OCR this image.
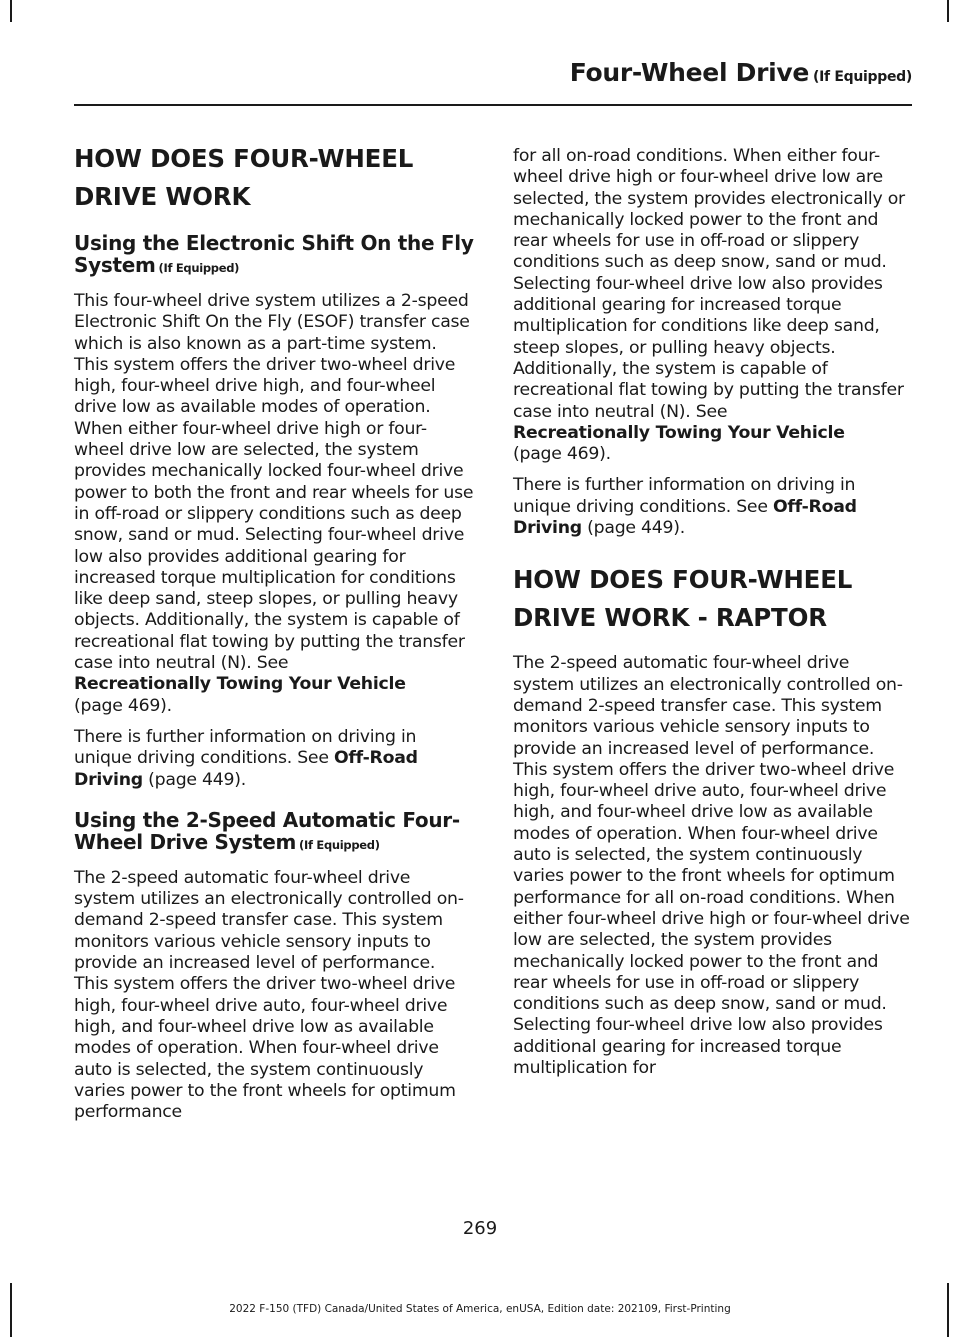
Four-Wheel Drive (If Equipped)
HOW DOES FOUR-WHEEL
DRIVE WORK
Using the Electronic Shift On the Fly System (If Equipped)

This four-wheel drive system utilizes a 2-speed Electronic Shift On the Fly (ESOF) transfer case which is also known as a part-time system. This system offers the driver two-wheel drive high, four-wheel drive high, and four-wheel drive low as available modes of operation. When either four-wheel drive high or four-wheel drive low are selected, the system provides mechanically locked four-wheel drive power to both the front and rear wheels for use in off-road or slippery conditions such as deep snow, sand or mud. Selecting four-wheel drive low also provides additional gearing for increased torque multiplication for conditions like deep sand, steep slopes, or pulling heavy objects. Additionally, the system is capable of recreational flat towing by putting the transfer case into neutral (N). See
Recreationally Towing Your Vehicle
(page 469).

There is further information on driving in unique driving conditions. See Off-Road Driving (page 449).

Using the 2-Speed Automatic Four-Wheel Drive System (If Equipped)

The 2-speed automatic four-wheel drive system utilizes an electronically controlled on-demand 2-speed transfer case. This system monitors various vehicle sensory inputs to provide an increased level of performance. This system offers the driver two-wheel drive high, four-wheel drive auto, four-wheel drive high, and four-wheel drive low as available modes of operation. When four-wheel drive auto is selected, the system continuously varies power to the front wheels for optimum performance

for all on-road conditions. When either four-wheel drive high or four-wheel drive low are selected, the system provides electronically or mechanically locked power to the front and rear wheels for use in off-road or slippery conditions such as deep snow, sand or mud. Selecting four-wheel drive low also provides additional gearing for increased torque multiplication for conditions like deep sand, steep slopes, or pulling heavy objects. Additionally, the system is capable of recreational flat towing by putting the transfer case into neutral (N). See
Recreationally Towing Your Vehicle
(page 469).

There is further information on driving in unique driving conditions. See Off-Road Driving (page 449).

HOW DOES FOUR-WHEEL
DRIVE WORK - RAPTOR

The 2-speed automatic four-wheel drive system utilizes an electronically controlled on-demand 2-speed transfer case. This system monitors various vehicle sensory inputs to provide an increased level of performance. This system offers the driver two-wheel drive high, four-wheel drive auto, four-wheel drive high, and four-wheel drive low as available modes of operation. When four-wheel drive auto is selected, the system continuously varies power to the front wheels for optimum performance for all on-road conditions. When either four-wheel drive high or four-wheel drive low are selected, the system provides mechanically locked power to the front and rear wheels for use in off-road or slippery conditions such as deep snow, sand or mud. Selecting four-wheel drive low also provides additional gearing for increased torque multiplication for

269
2022 F-150 (TFD) Canada/United States of America, enUSA, Edition date: 202109, First-Printing
